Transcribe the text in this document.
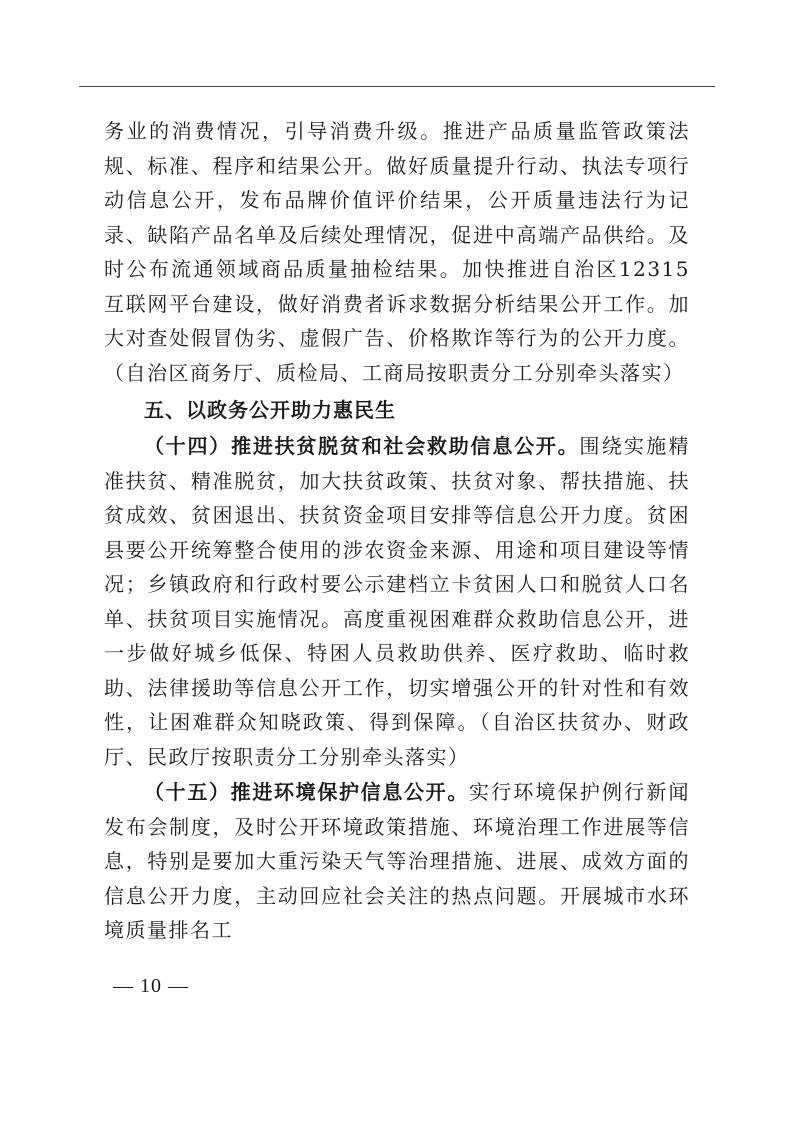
务业的消费情况，引导消费升级。推进产品质量监管政策法规、标准、程序和结果公开。做好质量提升行动、执法专项行动信息公开，发布品牌价值评价结果，公开质量违法行为记录、缺陷产品名单及后续处理情况，促进中高端产品供给。及时公布流通领域商品质量抽检结果。加快推进自治区12315互联网平台建设，做好消费者诉求数据分析结果公开工作。加大对查处假冒伪劣、虚假广告、价格欺诈等行为的公开力度。（自治区商务厅、质检局、工商局按职责分工分别牵头落实）

五、以政务公开助力惠民生

（十四）推进扶贫脱贫和社会救助信息公开。围绕实施精准扶贫、精准脱贫，加大扶贫政策、扶贫对象、帮扶措施、扶贫成效、贫困退出、扶贫资金项目安排等信息公开力度。贫困县要公开统筹整合使用的涉农资金来源、用途和项目建设等情况；乡镇政府和行政村要公示建档立卡贫困人口和脱贫人口名单、扶贫项目实施情况。高度重视困难群众救助信息公开，进一步做好城乡低保、特困人员救助供养、医疗救助、临时救助、法律援助等信息公开工作，切实增强公开的针对性和有效性，让困难群众知晓政策、得到保障。（自治区扶贫办、财政厅、民政厅按职责分工分别牵头落实）

（十五）推进环境保护信息公开。实行环境保护例行新闻发布会制度，及时公开环境政策措施、环境治理工作进展等信息，特别是要加大重污染天气等治理措施、进展、成效方面的信息公开力度，主动回应社会关注的热点问题。开展城市水环境质量排名工

— 10 —
